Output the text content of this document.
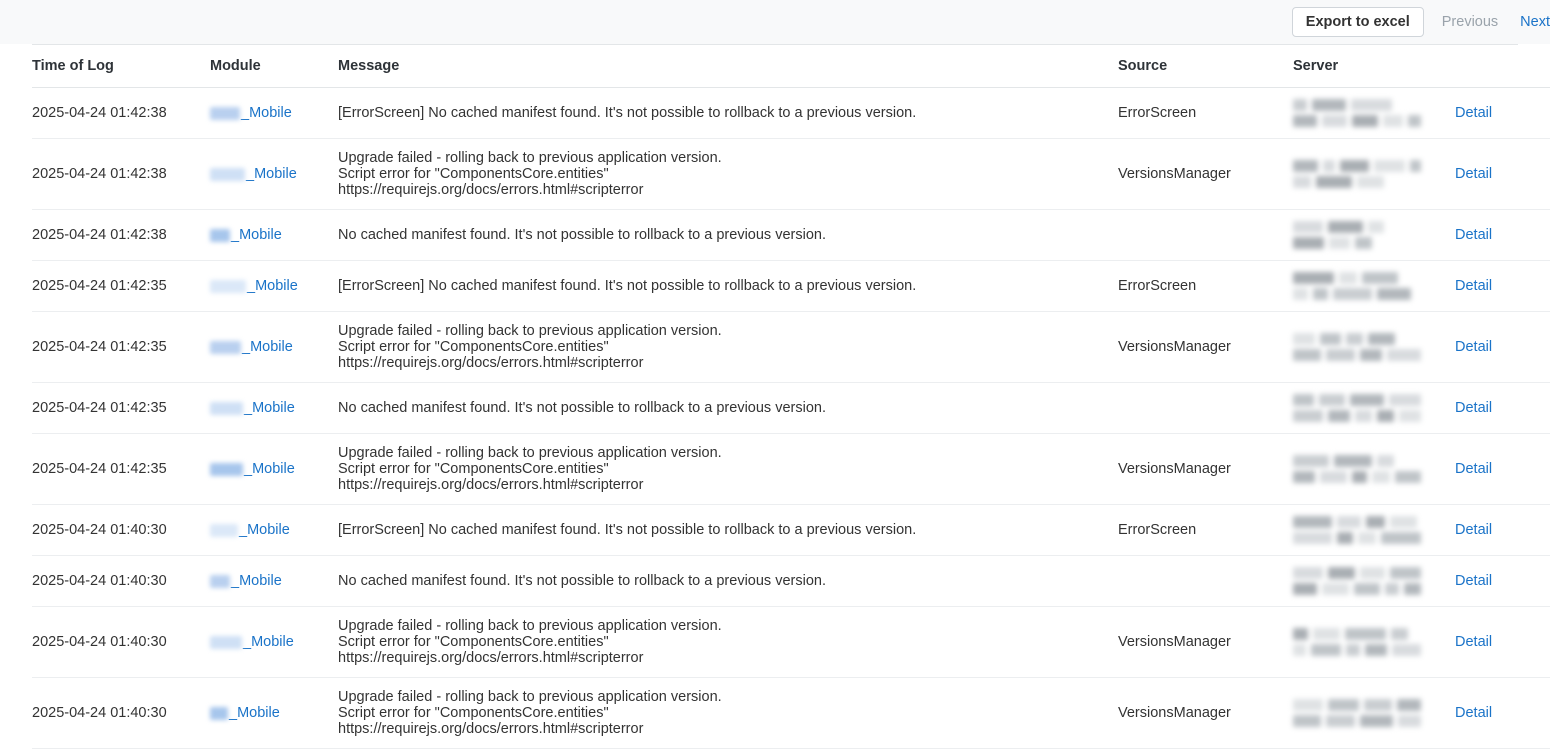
Export to excel	Previous Next
Time of Log	Module	Message	Source	Server	
2025-04-24 01:42:38	_Mobile	[ErrorScreen] No cached manifest found. It's not possible to rollback to a previous version.	ErrorScreen		Detail
2025-04-24 01:42:38	_Mobile	Upgrade failed - rolling back to previous application version.
Script error for "ComponentsCore.entities"
https://requirejs.org/docs/errors.html#scripterror	VersionsManager		Detail
2025-04-24 01:42:38	_Mobile	No cached manifest found. It's not possible to rollback to a previous version.			Detail
2025-04-24 01:42:35	_Mobile	[ErrorScreen] No cached manifest found. It's not possible to rollback to a previous version.	ErrorScreen		Detail
2025-04-24 01:42:35	_Mobile	Upgrade failed - rolling back to previous application version.
Script error for "ComponentsCore.entities"
https://requirejs.org/docs/errors.html#scripterror	VersionsManager		Detail
2025-04-24 01:42:35	_Mobile	No cached manifest found. It's not possible to rollback to a previous version.			Detail
2025-04-24 01:42:35	_Mobile	Upgrade failed - rolling back to previous application version.
Script error for "ComponentsCore.entities"
https://requirejs.org/docs/errors.html#scripterror	VersionsManager		Detail
2025-04-24 01:40:30	_Mobile	[ErrorScreen] No cached manifest found. It's not possible to rollback to a previous version.	ErrorScreen		Detail
2025-04-24 01:40:30	_Mobile	No cached manifest found. It's not possible to rollback to a previous version.			Detail
2025-04-24 01:40:30	_Mobile	Upgrade failed - rolling back to previous application version.
Script error for "ComponentsCore.entities"
https://requirejs.org/docs/errors.html#scripterror	VersionsManager		Detail
2025-04-24 01:40:30	_Mobile	Upgrade failed - rolling back to previous application version.
Script error for "ComponentsCore.entities"
https://requirejs.org/docs/errors.html#scripterror	VersionsManager		Detail
